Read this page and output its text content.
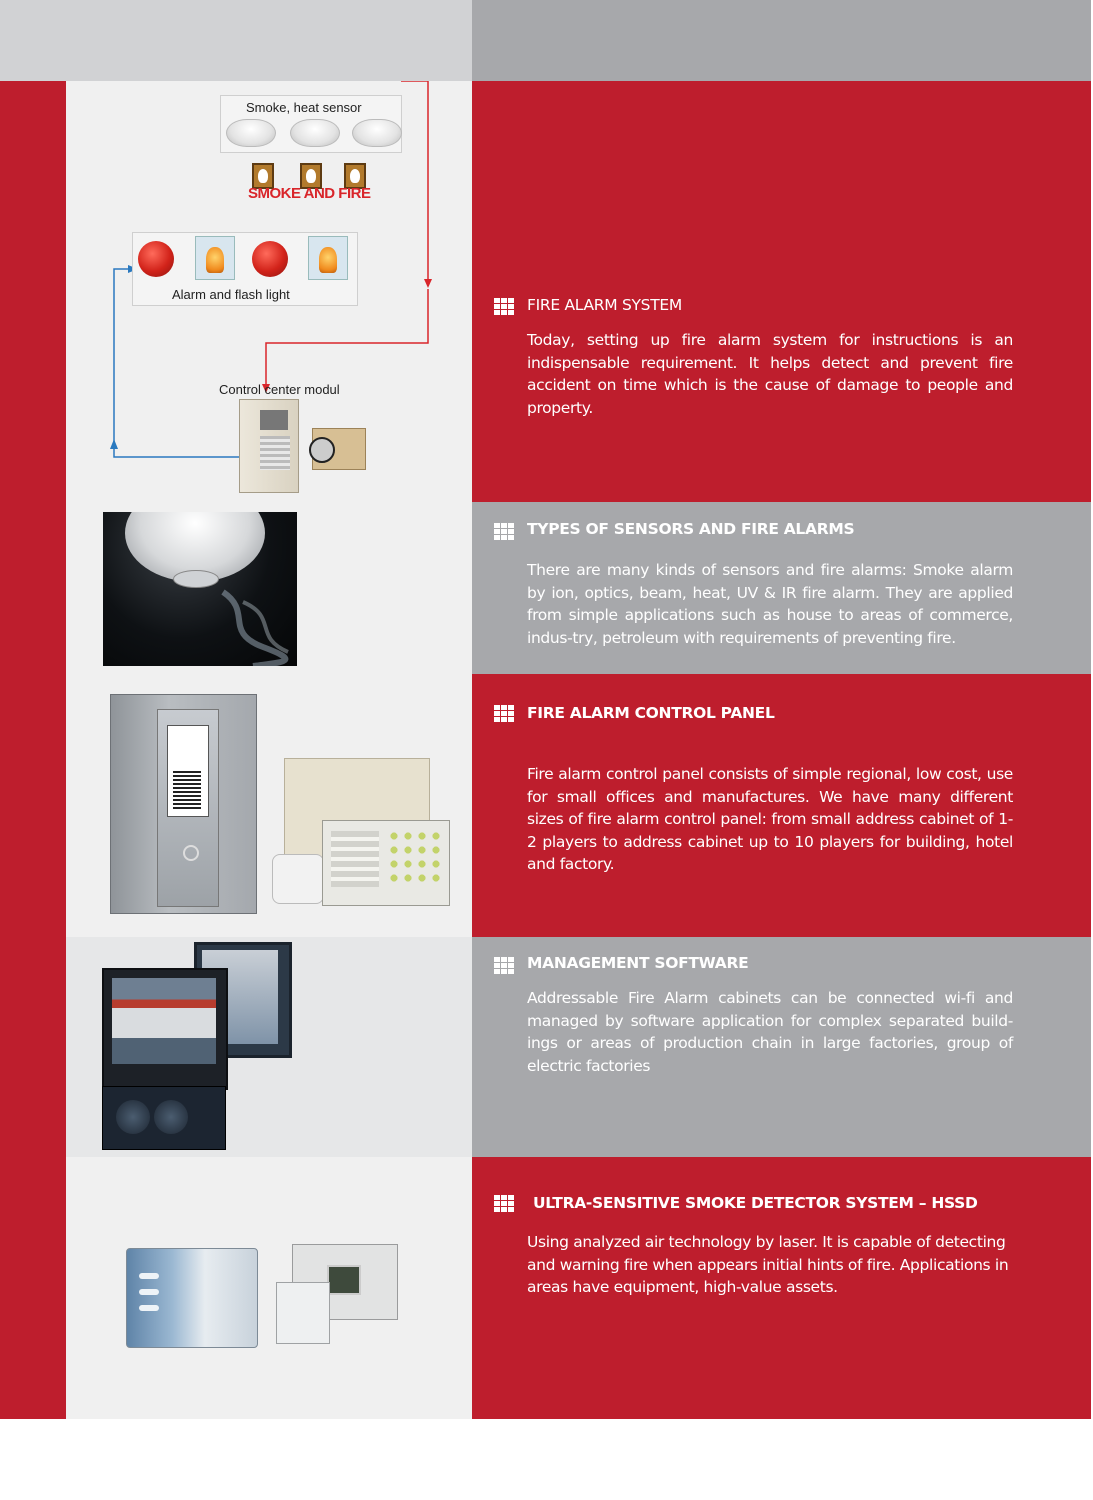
Smoke, heat sensor
SMOKE AND FIRE
Alarm and flash light
Control center modul
FIRE ALARM SYSTEM
Today, setting up fire alarm system for instructions is an indispensable requirement. It helps detect and prevent fire accident on time which is the cause of damage to people and property.
TYPES OF SENSORS AND FIRE ALARMS
There are many kinds of sensors and fire alarms: Smoke alarm by ion, optics, beam, heat, UV & IR fire alarm. They are applied from simple applications such as house to areas of commerce, indus-try, petroleum with requirements of preventing fire.
FIRE ALARM CONTROL PANEL
Fire alarm control panel consists of simple regional, low cost, use for small offices and manufactures. We have many different sizes of fire alarm control panel: from small address cabinet of 1-2 players to address cabinet up to 10 players for building, hotel and factory.
MANAGEMENT SOFTWARE
Addressable Fire Alarm cabinets can be connected wi-fi and managed by software application for complex separated build-ings or areas of production chain in large factories, group of electric factories
ULTRA-SENSITIVE SMOKE DETECTOR SYSTEM – HSSD
Using analyzed air technology by laser. It is capable of detecting and warning fire when appears initial hints of fire. Applications in areas have equipment, high-value assets.
